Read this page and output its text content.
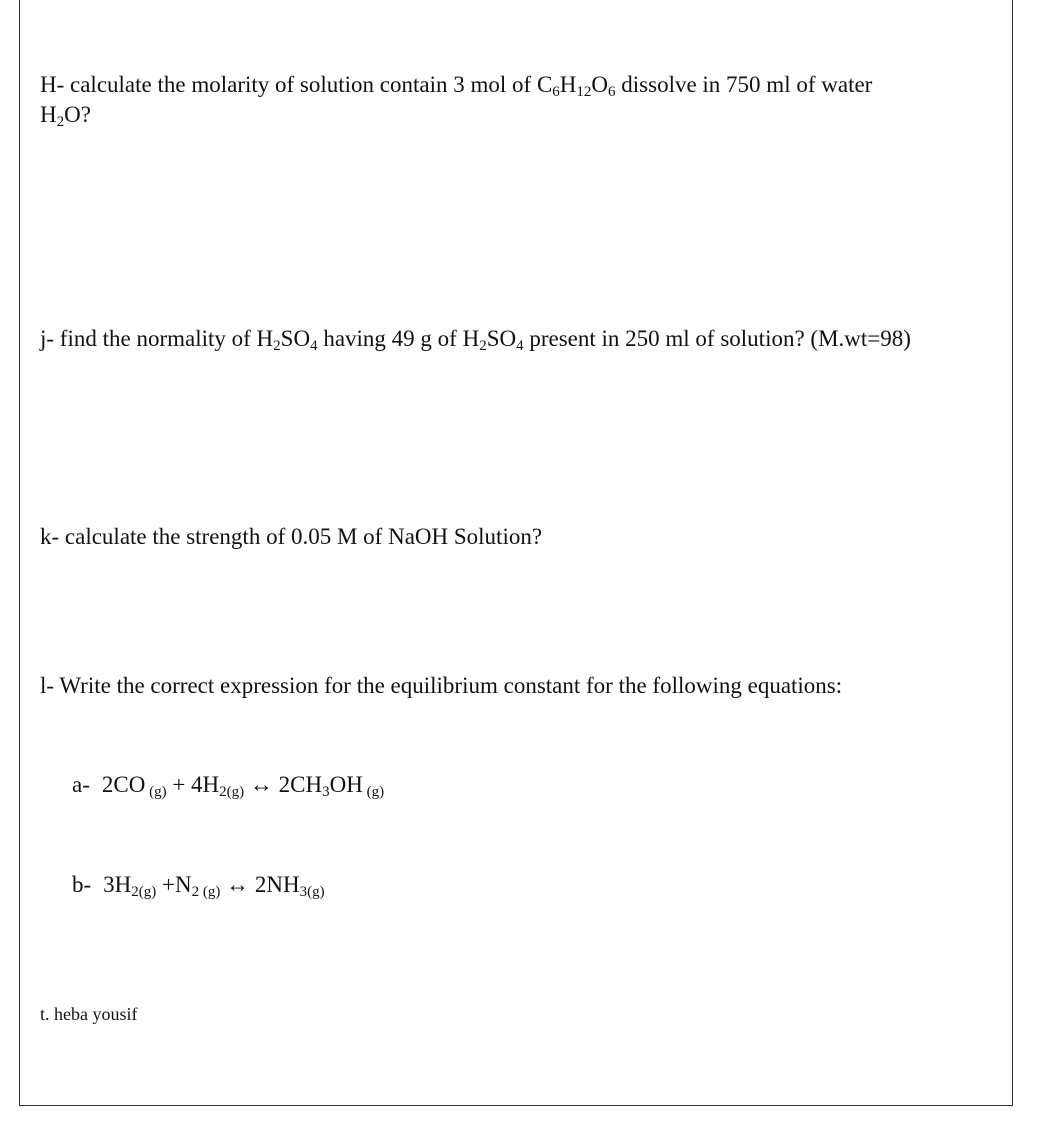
H- calculate the molarity of solution contain 3 mol of $C_6H_{12}O_6$ dissolve in 750 ml of water
$H_2O$?
j- find the normality of $H_2SO_4$ having 49 g of $H_2SO_4$ present in 250 ml of solution? (M.wt=98)
k- calculate the strength of 0.05 M of NaOH Solution?
l- Write the correct expression for the equilibrium constant for the following equations:
a- 2CO $(g) + 4H_2(g)$ ↔ $2CH_3OH$ (g)
b- $3H_2(g) +N_2$ (g) ↔ $2NH_3(g)$
t. heba yousif
